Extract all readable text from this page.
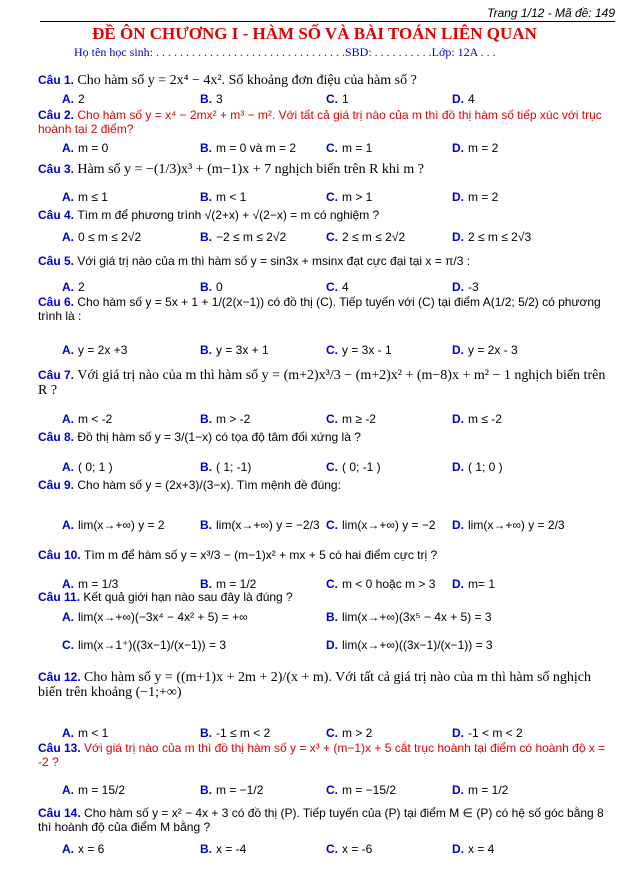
Trang 1/12 - Mã đề: 149
ĐỀ ÔN CHƯƠNG I - HÀM SỐ VÀ BÀI TOÁN LIÊN QUAN
Họ tên học sinh: . . . . . . . . . . . . . . . . . . . . . . . . . . . . . . . .SBD: . . . . . . . . . .Lớp: 12A . . .
Câu 1. Cho hàm số y = 2x⁴ − 4x². Số khoảng đơn điệu của hàm số ?
A. 2	B. 3	C. 1	D. 4
Câu 2. Cho hàm số y = x⁴ − 2mx² + m³ − m². Với tất cả giá trị nào của m thì đồ thị hàm số tiếp xúc với trục hoành tại 2 điểm?
A. m = 0	B. m = 0 và m = 2 C. m = 1	D. m = 2
Câu 3. Hàm số y = −(1/3)x³ + (m−1)x + 7 nghịch biến trên R khi m ?
A. m ≤ 1	B. m < 1	C. m > 1	D. m = 2
Câu 4. Tìm m để phương trình √(2+x) + √(2−x) = m có nghiệm ?
A. 0 ≤ m ≤ 2√2	B. −2 ≤ m ≤ 2√2	C. 2 ≤ m ≤ 2√2	D. 2 ≤ m ≤ 2√3
Câu 5. Với giá trị nào của m thì hàm số y = sin3x + msinx đạt cực đại tại x = π/3 :
A. 2	B. 0	C. 4	D. -3
Câu 6. Cho hàm số y = 5x + 1 + 1/(2(x−1)) có đồ thị (C). Tiếp tuyến với (C) tại điểm A(1/2; 5/2) có phương trình là :
A. y = 2x +3	B. y = 3x + 1	C. y = 3x - 1	D. y = 2x - 3
Câu 7. Với giá trị nào của m thì hàm số y = (m+2)x³/3 − (m+2)x² + (m−8)x + m² − 1 nghịch biến trên R ?
A. m < -2	B. m > -2	C. m ≥ -2	D. m ≤ -2
Câu 8. Đồ thị hàm số y = 3/(1−x) có tọa độ tâm đối xứng là ?
A. ( 0; 1 )	B. ( 1; -1)	C. ( 0; -1 )	D. ( 1; 0 )
Câu 9. Cho hàm số y = (2x+3)/(3−x). Tìm mệnh đề đúng:
A. lim(x→+∞) y = 2	B. lim(x→+∞) y = −2/3 C. lim(x→+∞) y = −2 D. lim(x→+∞) y = 2/3
Câu 10. Tìm m để hàm số y = x³/3 − (m−1)x² + mx + 5 có hai điểm cực trị ?
A. m = 1/3	B. m = 1/2	C. m < 0 hoặc m > 3 D. m= 1
Câu 11. Kết quả giới hạn nào sau đây là đúng ?
A. lim(x→+∞)(−3x⁴ − 4x² + 5) = +∞	B. lim(x→+∞)(3x⁵ − 4x + 5) = 3
C. lim(x→1⁺)((3x−1)/(x−1)) = 3	D. lim(x→+∞)((3x−1)/(x−1)) = 3
Câu 12. Cho hàm số y = ((m+1)x + 2m + 2)/(x + m). Với tất cả giá trị nào của m thì hàm số nghịch biến trên khoảng (−1;+∞)
A. m < 1	B. -1 ≤ m < 2	C. m > 2	D. -1 < m < 2
Câu 13. Với giá trị nào của m thì đồ thị hàm số y = x³ + (m−1)x + 5 cắt trục hoành tại điểm có hoành độ x = -2 ?
A. m = 15/2	B. m = −1/2	C. m = −15/2	D. m = 1/2
Câu 14. Cho hàm số y = x² − 4x + 3 có đồ thị (P). Tiếp tuyến của (P) tại điểm M ∈ (P) có hệ số góc bằng 8 thì hoành độ của điểm M bằng ?
A. x = 6	B. x = -4	C. x = -6	D. x = 4
